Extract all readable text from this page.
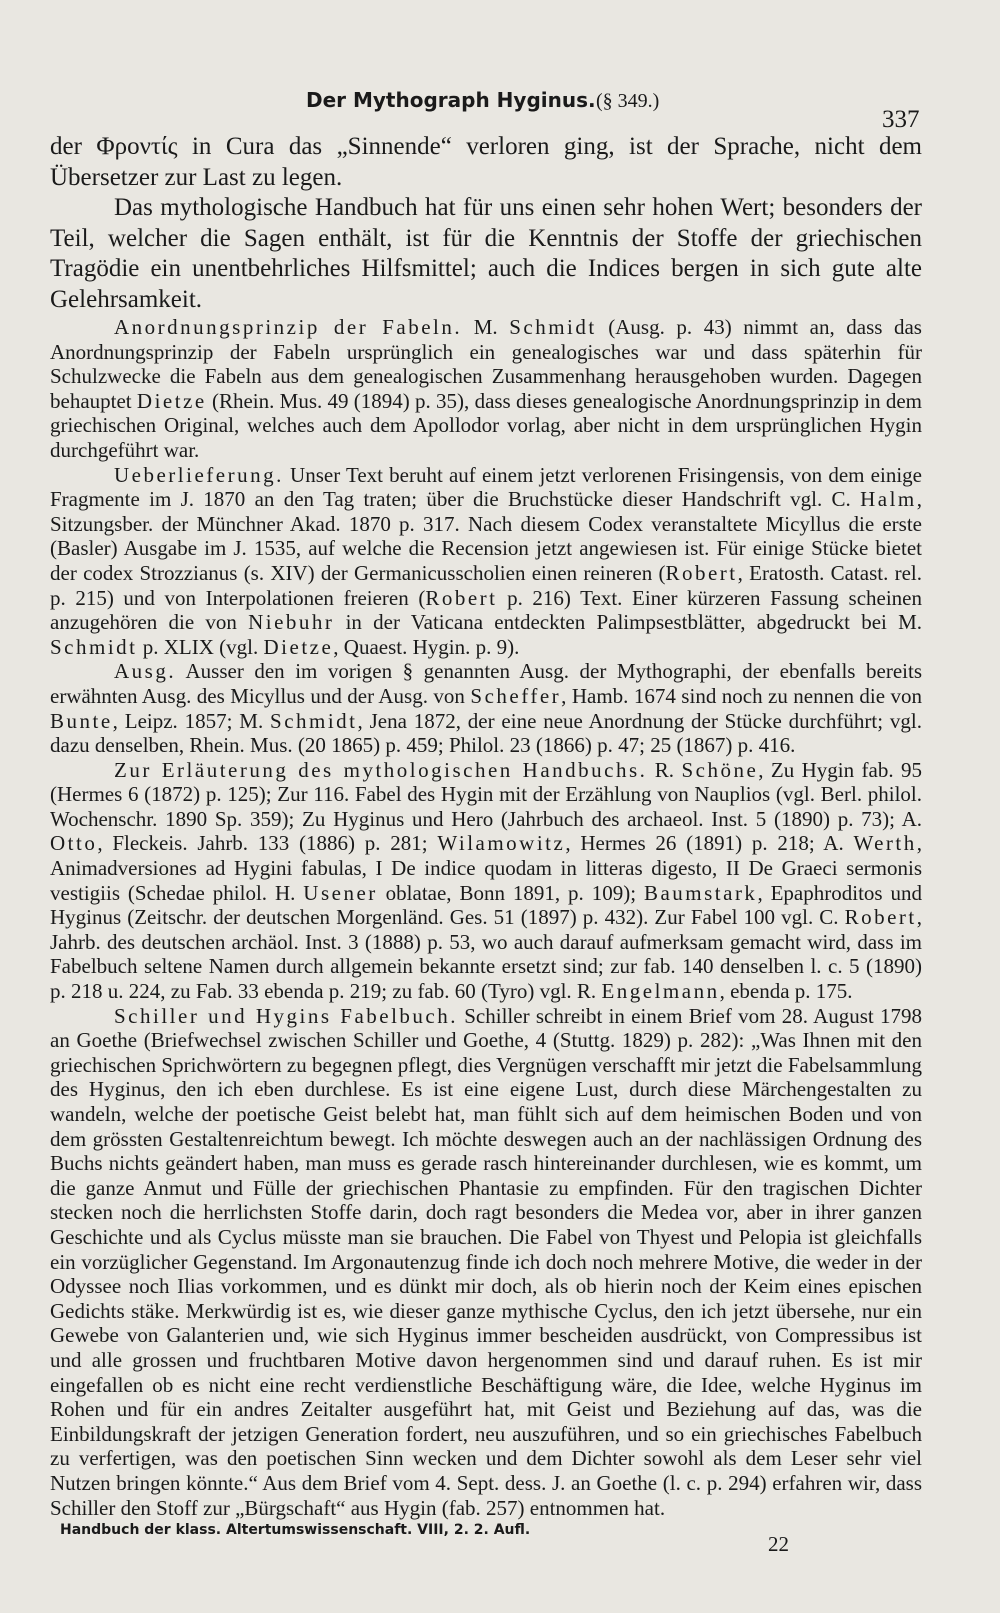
Der Mythograph Hyginus. (§ 349.)
337

der Φροντίς in Cura das „Sinnende“ verloren ging, ist der Sprache, nicht dem Übersetzer zur Last zu legen.

Das mythologische Handbuch hat für uns einen sehr hohen Wert; besonders der Teil, welcher die Sagen enthält, ist für die Kenntnis der Stoffe der griechischen Tragödie ein unentbehrliches Hilfsmittel; auch die Indices bergen in sich gute alte Gelehrsamkeit.

Anordnungsprinzip der Fabeln. M. Schmidt (Ausg. p. 43) nimmt an, dass das Anordnungsprinzip der Fabeln ursprünglich ein genealogisches war und dass späterhin für Schulzwecke die Fabeln aus dem genealogischen Zusammenhang herausgehoben wurden. Dagegen behauptet Dietze (Rhein. Mus. 49 (1894) p. 35), dass dieses genealogische Anordnungsprinzip in dem griechischen Original, welches auch dem Apollodor vorlag, aber nicht in dem ursprünglichen Hygin durchgeführt war.

Ueberlieferung. Unser Text beruht auf einem jetzt verlorenen Frisingensis, von dem einige Fragmente im J. 1870 an den Tag traten; über die Bruchstücke dieser Handschrift vgl. C. Halm, Sitzungsber. der Münchner Akad. 1870 p. 317. Nach diesem Codex veranstaltete Micyllus die erste (Basler) Ausgabe im J. 1535, auf welche die Recension jetzt angewiesen ist. Für einige Stücke bietet der codex Strozzianus (s. XIV) der Germanicusscholien einen reineren (Robert, Eratosth. Catast. rel. p. 215) und von Interpolationen freieren (Robert p. 216) Text. Einer kürzeren Fassung scheinen anzugehören die von Niebuhr in der Vaticana entdeckten Palimpsestblätter, abgedruckt bei M. Schmidt p. XLIX (vgl. Dietze, Quaest. Hygin. p. 9).

Ausg. Ausser den im vorigen § genannten Ausg. der Mythographi, der ebenfalls bereits erwähnten Ausg. des Micyllus und der Ausg. von Scheffer, Hamb. 1674 sind noch zu nennen die von Bunte, Leipz. 1857; M. Schmidt, Jena 1872, der eine neue Anordnung der Stücke durchführt; vgl. dazu denselben, Rhein. Mus. (20 1865) p. 459; Philol. 23 (1866) p. 47; 25 (1867) p. 416.

Zur Erläuterung des mythologischen Handbuchs. R. Schöne, Zu Hygin fab. 95 (Hermes 6 (1872) p. 125); Zur 116. Fabel des Hygin mit der Erzählung von Nauplios (vgl. Berl. philol. Wochenschr. 1890 Sp. 359); Zu Hyginus und Hero (Jahrbuch des archaeol. Inst. 5 (1890) p. 73); A. Otto, Fleckeis. Jahrb. 133 (1886) p. 281; Wilamowitz, Hermes 26 (1891) p. 218; A. Werth, Animadversiones ad Hygini fabulas, I De indice quodam in litteras digesto, II De Graeci sermonis vestigiis (Schedae philol. H. Usener oblatae, Bonn 1891, p. 109); Baumstark, Epaphroditos und Hyginus (Zeitschr. der deutschen Morgenländ. Ges. 51 (1897) p. 432). Zur Fabel 100 vgl. C. Robert, Jahrb. des deutschen archäol. Inst. 3 (1888) p. 53, wo auch darauf aufmerksam gemacht wird, dass im Fabelbuch seltene Namen durch allgemein bekannte ersetzt sind; zur fab. 140 denselben l. c. 5 (1890) p. 218 u. 224, zu Fab. 33 ebenda p. 219; zu fab. 60 (Tyro) vgl. R. Engelmann, ebenda p. 175.

Schiller und Hygins Fabelbuch. Schiller schreibt in einem Brief vom 28. August 1798 an Goethe (Briefwechsel zwischen Schiller und Goethe, 4 (Stuttg. 1829) p. 282): „Was Ihnen mit den griechischen Sprichwörtern zu begegnen pflegt, dies Vergnügen verschafft mir jetzt die Fabelsammlung des Hyginus, den ich eben durchlese. Es ist eine eigene Lust, durch diese Märchengestalten zu wandeln, welche der poetische Geist belebt hat, man fühlt sich auf dem heimischen Boden und von dem grössten Gestaltenreichtum bewegt. Ich möchte deswegen auch an der nachlässigen Ordnung des Buchs nichts geändert haben, man muss es gerade rasch hintereinander durchlesen, wie es kommt, um die ganze Anmut und Fülle der griechischen Phantasie zu empfinden. Für den tragischen Dichter stecken noch die herrlichsten Stoffe darin, doch ragt besonders die Medea vor, aber in ihrer ganzen Geschichte und als Cyclus müsste man sie brauchen. Die Fabel von Thyest und Pelopia ist gleichfalls ein vorzüglicher Gegenstand. Im Argonautenzug finde ich doch noch mehrere Motive, die weder in der Odyssee noch Ilias vorkommen, und es dünkt mir doch, als ob hierin noch der Keim eines epischen Gedichts stäke. Merkwürdig ist es, wie dieser ganze mythische Cyclus, den ich jetzt übersehe, nur ein Gewebe von Galanterien und, wie sich Hyginus immer bescheiden ausdrückt, von Compressibus ist und alle grossen und fruchtbaren Motive davon hergenommen sind und darauf ruhen. Es ist mir eingefallen ob es nicht eine recht verdienstliche Beschäftigung wäre, die Idee, welche Hyginus im Rohen und für ein andres Zeitalter ausgeführt hat, mit Geist und Beziehung auf das, was die Einbildungskraft der jetzigen Generation fordert, neu auszuführen, und so ein griechisches Fabelbuch zu verfertigen, was den poetischen Sinn wecken und dem Dichter sowohl als dem Leser sehr viel Nutzen bringen könnte.“ Aus dem Brief vom 4. Sept. dess. J. an Goethe (l. c. p. 294) erfahren wir, dass Schiller den Stoff zur „Bürgschaft“ aus Hygin (fab. 257) entnommen hat.

Handbuch der klass. Altertumswissenschaft. VIII, 2. 2. Aufl.
22
